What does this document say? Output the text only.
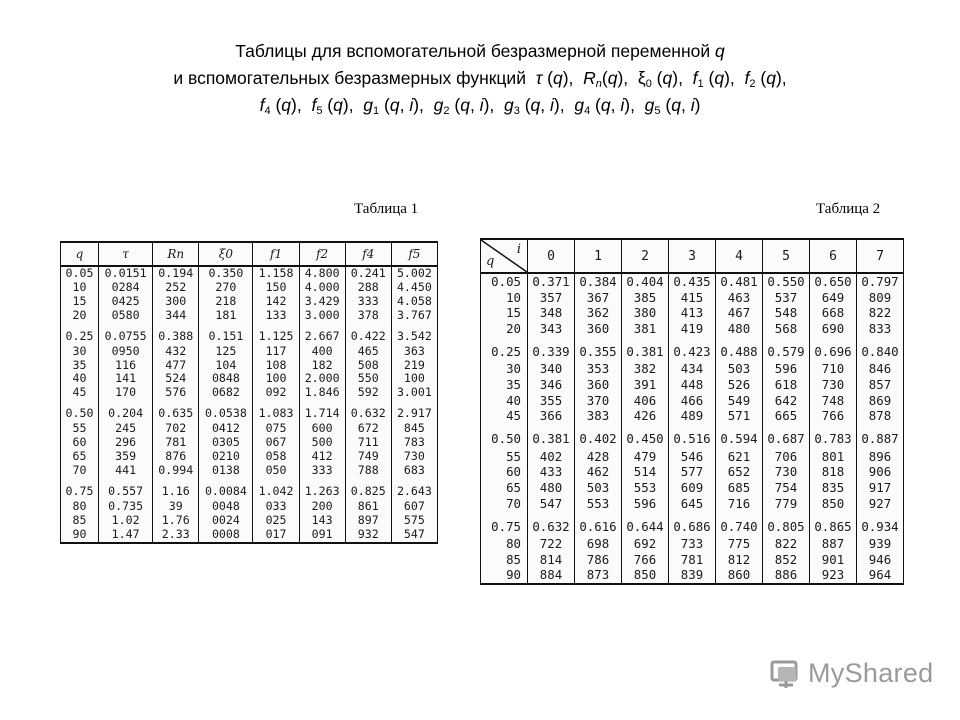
Таблицы для вспомогательной безразмерной переменной q
и вспомогательных безразмерных функций  τ (q),  $R_n(q)$,  $\xi_0$ (q),  $f_1$ (q),  $f_2$ (q),
$f_4$ (q),  $f_5$ (q),  $g_1$ (q, i),  $g_2$ (q, i),  $g_3$ (q, i),  $g_4$ (q, i),  $g_5$ (q, i)
Таблица 1	Таблица 2
q	τ	Rn	ξ0	f1	f2	f4	f5
0.05	0.0151	0.194	0.350	1.158	4.800	0.241	5.002
10	0284	252	270	150	4.000	288	4.450
15	0425	300	218	142	3.429	333	4.058
20	0580	344	181	133	3.000	378	3.767
0.25	0.0755	0.388	0.151	1.125	2.667	0.422	3.542
30	0950	432	125	117	400	465	363
35	116	477	104	108	182	508	219
40	141	524	0848	100	2.000	550	100
45	170	576	0682	092	1.846	592	3.001
0.50	0.204	0.635	0.0538	1.083	1.714	0.632	2.917
55	245	702	0412	075	600	672	845
60	296	781	0305	067	500	711	783
65	359	876	0210	058	412	749	730
70	441	0.994	0138	050	333	788	683
0.75	0.557	1.16	0.0084	1.042	1.263	0.825	2.643
80	0.735	39	0048	033	200	861	607
85	1.02	1.76	0024	025	143	897	575
90	1.47	2.33	0008	017	091	932	547
q
i	0	1	2	3	4	5	6	7
0.05	0.371	0.384	0.404	0.435	0.481	0.550	0.650	0.797
10	357	367	385	415	463	537	649	809
15	348	362	380	413	467	548	668	822
20	343	360	381	419	480	568	690	833
0.25	0.339	0.355	0.381	0.423	0.488	0.579	0.696	0.840
30	340	353	382	434	503	596	710	846
35	346	360	391	448	526	618	730	857
40	355	370	406	466	549	642	748	869
45	366	383	426	489	571	665	766	878
0.50	0.381	0.402	0.450	0.516	0.594	0.687	0.783	0.887
55	402	428	479	546	621	706	801	896
60	433	462	514	577	652	730	818	906
65	480	503	553	609	685	754	835	917
70	547	553	596	645	716	779	850	927
0.75	0.632	0.616	0.644	0.686	0.740	0.805	0.865	0.934
80	722	698	692	733	775	822	887	939
85	814	786	766	781	812	852	901	946
90	884	873	850	839	860	886	923	964
MyShared
